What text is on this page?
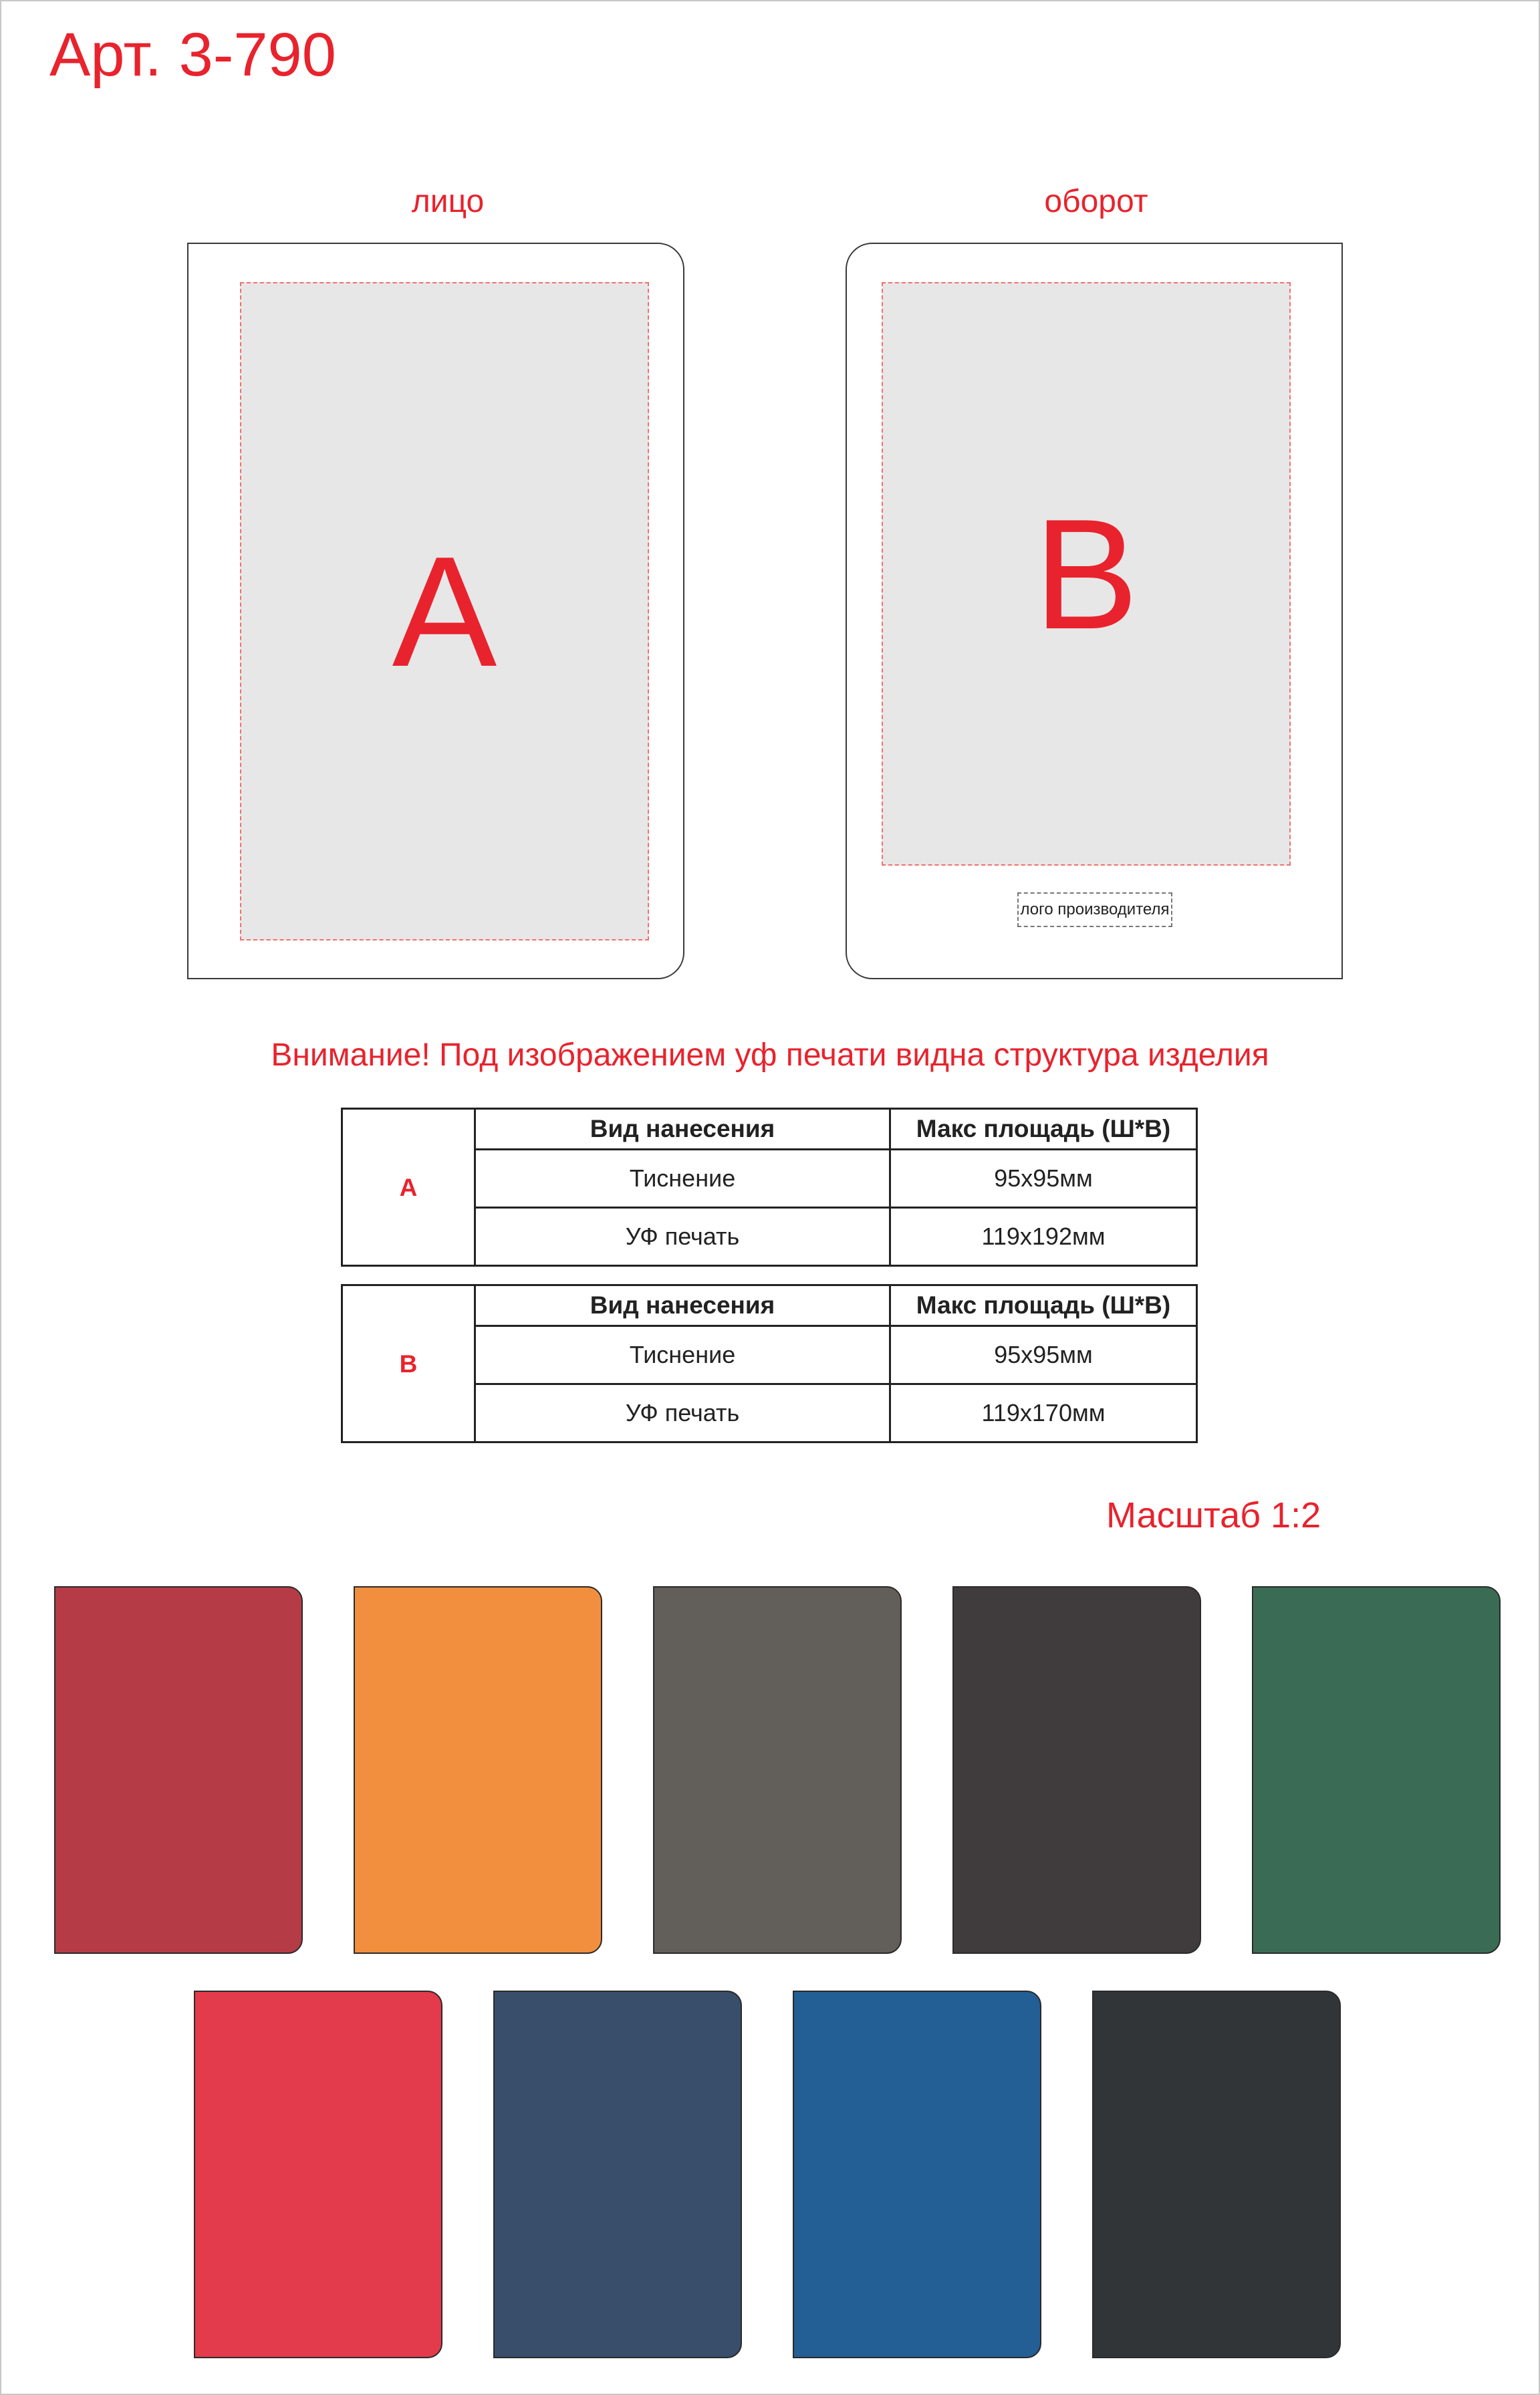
Арт. 3-790
лицо	оборот
A	B
лого производителя
Внимание! Под изображением уф печати видна структура изделия
A	Вид нанесения	Макс площадь (Ш*В)
	Тиснение	95х95мм
	УФ печать	119х192мм
B	Вид нанесения	Макс площадь (Ш*В)
	Тиснение	95х95мм
	УФ печать	119х170мм
Масштаб 1:2
